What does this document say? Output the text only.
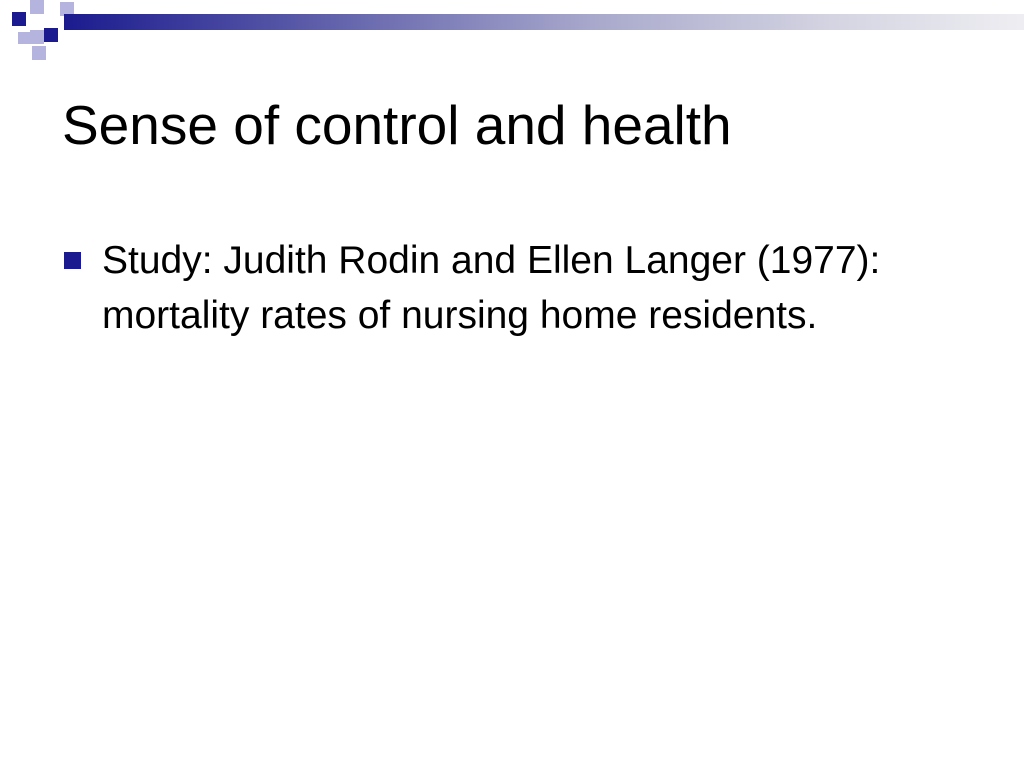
Sense of control and health
Study: Judith Rodin and Ellen Langer (1977): mortality rates of nursing home residents.
